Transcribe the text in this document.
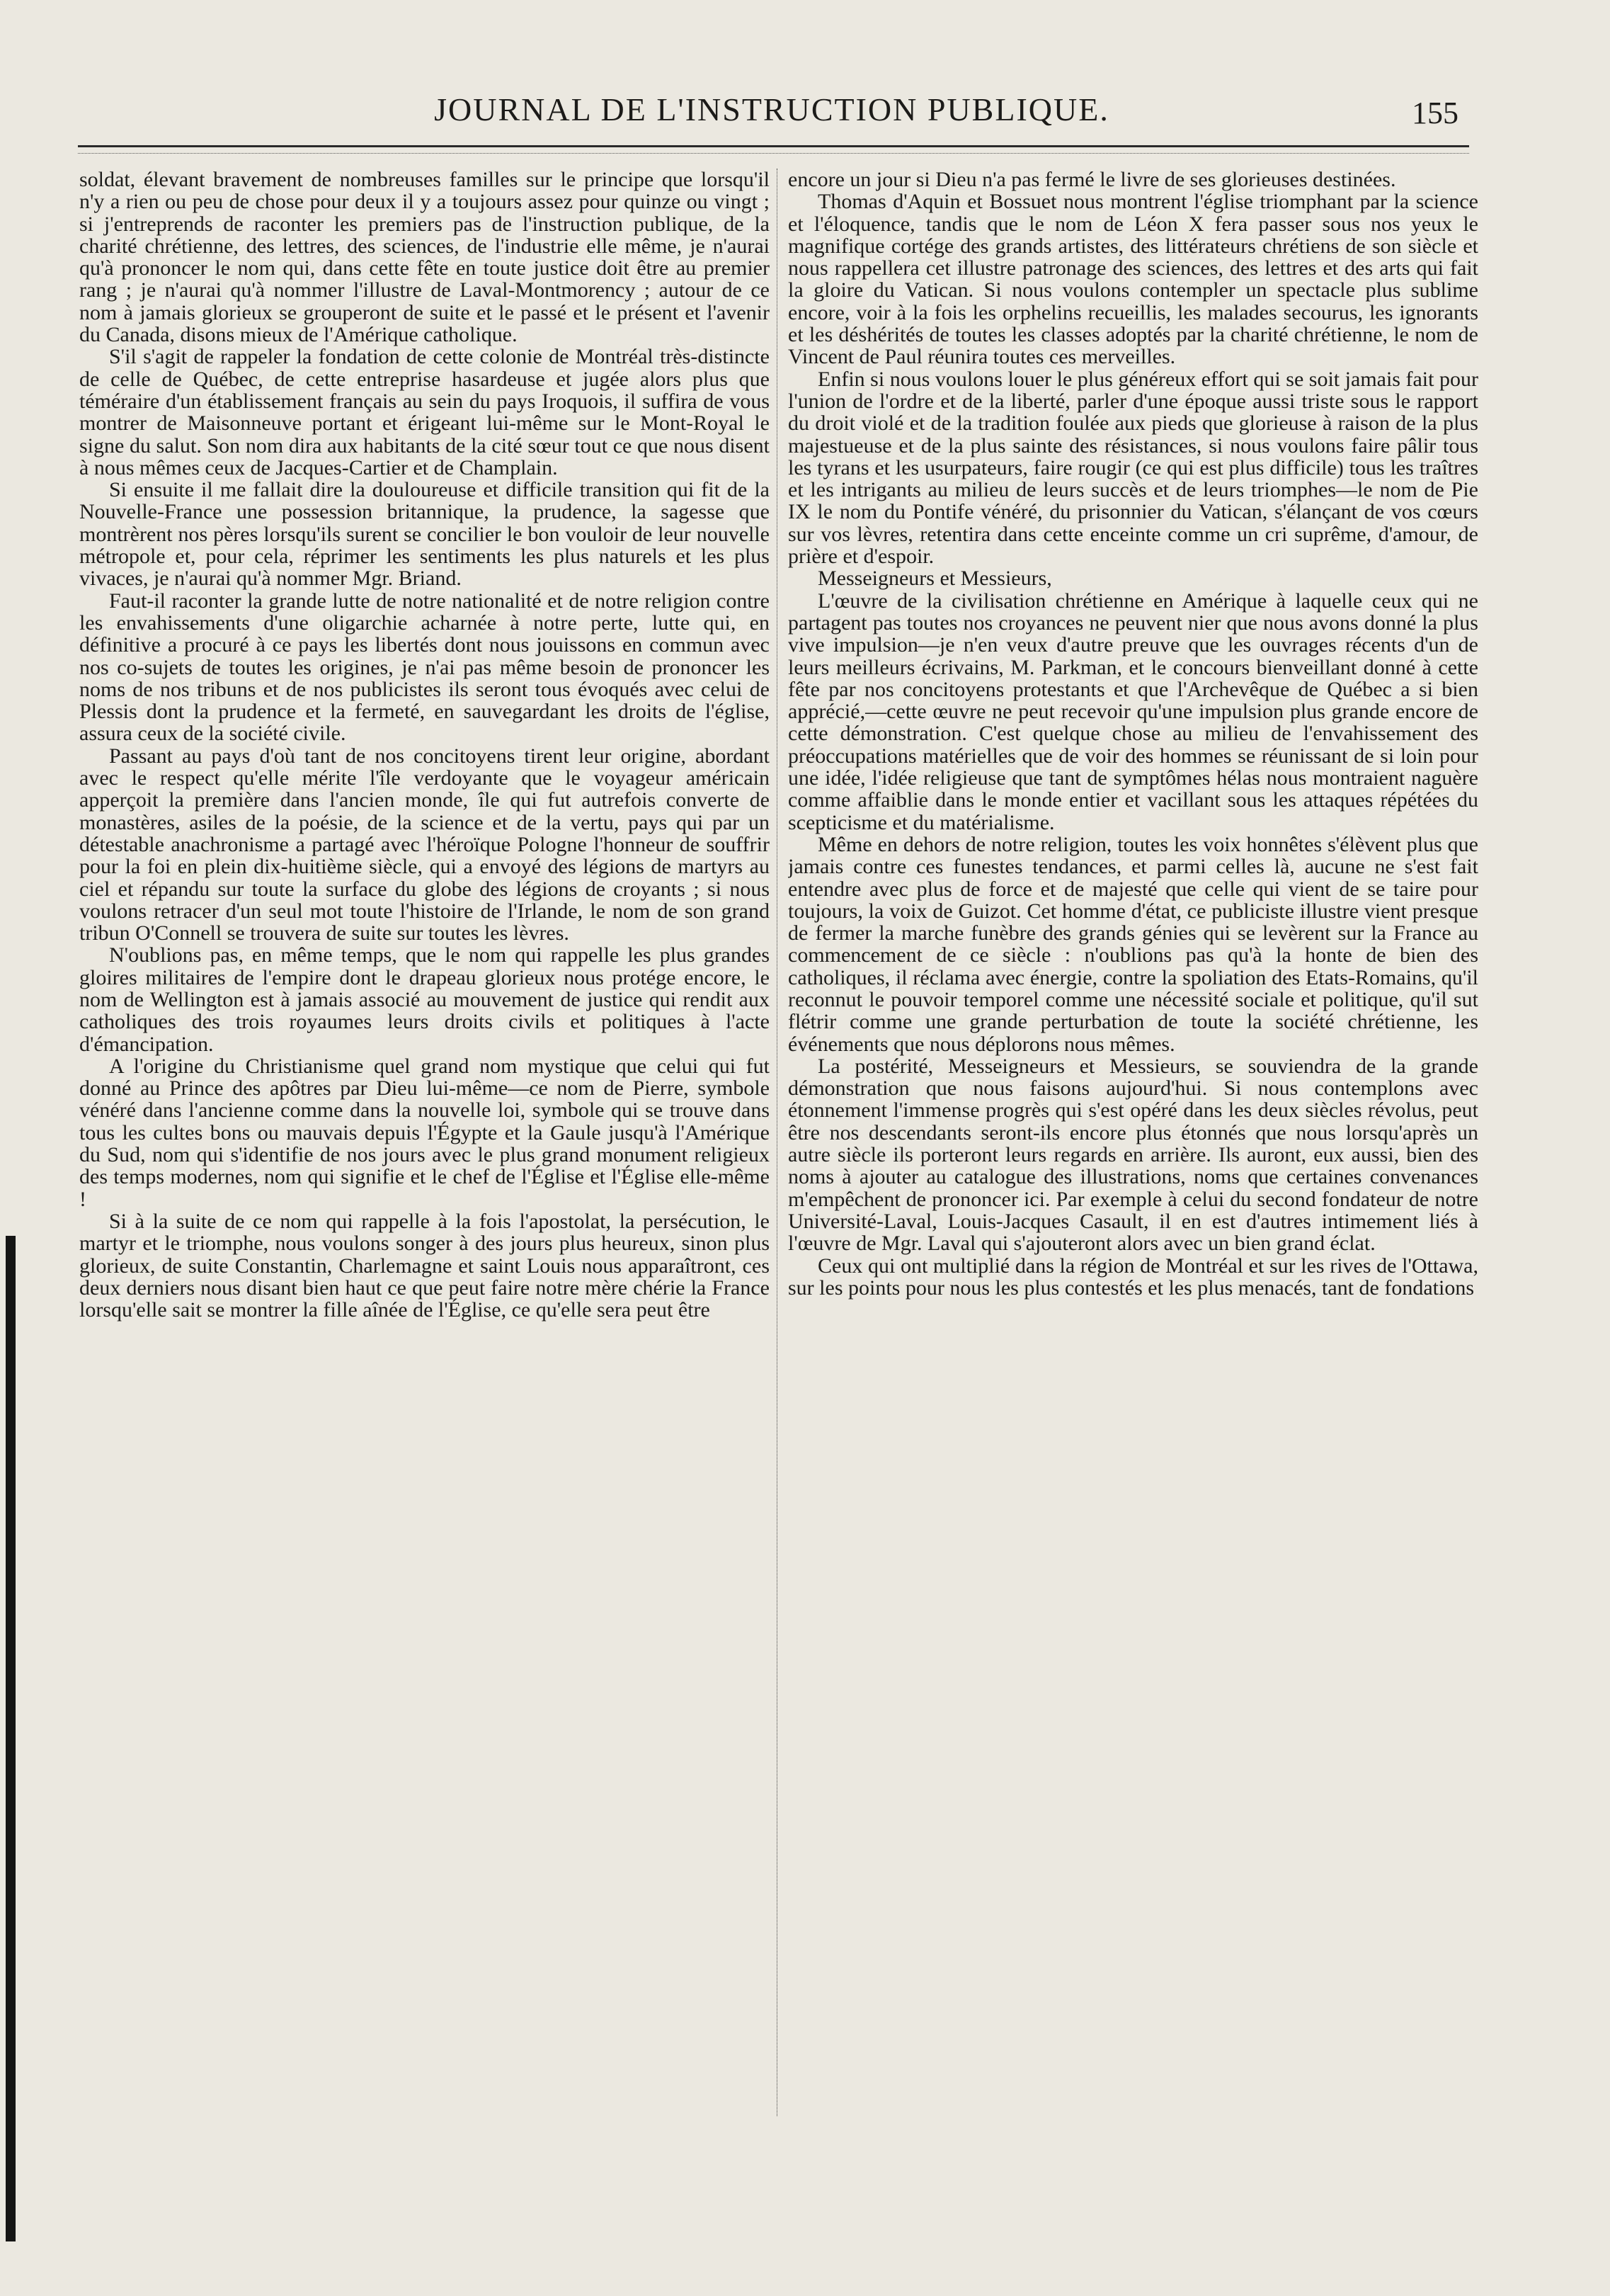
JOURNAL DE L'INSTRUCTION PUBLIQUE.	155

soldat, élevant bravement de nombreuses familles sur le principe que lorsqu'il n'y a rien ou peu de chose pour deux il y a toujours assez pour quinze ou vingt ; si j'entreprends de raconter les premiers pas de l'instruction publique, de la charité chrétienne, des lettres, des sciences, de l'industrie elle même, je n'aurai qu'à prononcer le nom qui, dans cette fête en toute justice doit être au premier rang ; je n'aurai qu'à nommer l'illustre de Laval-Montmorency ; autour de ce nom à jamais glorieux se grouperont de suite et le passé et le présent et l'avenir du Canada, disons mieux de l'Amérique catholique.

S'il s'agit de rappeler la fondation de cette colonie de Montréal très-distincte de celle de Québec, de cette entreprise hasardeuse et jugée alors plus que téméraire d'un établissement français au sein du pays Iroquois, il suffira de vous montrer de Maisonneuve portant et érigeant lui-même sur le Mont-Royal le signe du salut. Son nom dira aux habitants de la cité sœur tout ce que nous disent à nous mêmes ceux de Jacques-Cartier et de Champlain.

Si ensuite il me fallait dire la douloureuse et difficile transition qui fit de la Nouvelle-France une possession britannique, la prudence, la sagesse que montrèrent nos pères lorsqu'ils surent se concilier le bon vouloir de leur nouvelle métropole et, pour cela, réprimer les sentiments les plus naturels et les plus vivaces, je n'aurai qu'à nommer Mgr. Briand.

Faut-il raconter la grande lutte de notre nationalité et de notre religion contre les envahissements d'une oligarchie acharnée à notre perte, lutte qui, en définitive a procuré à ce pays les libertés dont nous jouissons en commun avec nos co-sujets de toutes les origines, je n'ai pas même besoin de prononcer les noms de nos tribuns et de nos publicistes ils seront tous évoqués avec celui de Plessis dont la prudence et la fermeté, en sauvegardant les droits de l'église, assura ceux de la société civile.

Passant au pays d'où tant de nos concitoyens tirent leur origine, abordant avec le respect qu'elle mérite l'île verdoyante que le voyageur américain apperçoit la première dans l'ancien monde, île qui fut autrefois converte de monastères, asiles de la poésie, de la science et de la vertu, pays qui par un détestable anachronisme a partagé avec l'héroïque Pologne l'honneur de souffrir pour la foi en plein dix-huitième siècle, qui a envoyé des légions de martyrs au ciel et répandu sur toute la surface du globe des légions de croyants ; si nous voulons retracer d'un seul mot toute l'histoire de l'Irlande, le nom de son grand tribun O'Connell se trouvera de suite sur toutes les lèvres.

N'oublions pas, en même temps, que le nom qui rappelle les plus grandes gloires militaires de l'empire dont le drapeau glorieux nous protége encore, le nom de Wellington est à jamais associé au mouvement de justice qui rendit aux catholiques des trois royaumes leurs droits civils et politiques à l'acte d'émancipation.

A l'origine du Christianisme quel grand nom mystique que celui qui fut donné au Prince des apôtres par Dieu lui-même—ce nom de Pierre, symbole vénéré dans l'ancienne comme dans la nouvelle loi, symbole qui se trouve dans tous les cultes bons ou mauvais depuis l'Égypte et la Gaule jusqu'à l'Amérique du Sud, nom qui s'identifie de nos jours avec le plus grand monument religieux des temps modernes, nom qui signifie et le chef de l'Église et l'Église elle-même !

Si à la suite de ce nom qui rappelle à la fois l'apostolat, la persécution, le martyr et le triomphe, nous voulons songer à des jours plus heureux, sinon plus glorieux, de suite Constantin, Charlemagne et saint Louis nous apparaîtront, ces deux derniers nous disant bien haut ce que peut faire notre mère chérie la France lorsqu'elle sait se montrer la fille aînée de l'Église, ce qu'elle sera peut être

encore un jour si Dieu n'a pas fermé le livre de ses glorieuses destinées.

Thomas d'Aquin et Bossuet nous montrent l'église triomphant par la science et l'éloquence, tandis que le nom de Léon X fera passer sous nos yeux le magnifique cortége des grands artistes, des littérateurs chrétiens de son siècle et nous rappellera cet illustre patronage des sciences, des lettres et des arts qui fait la gloire du Vatican. Si nous voulons contempler un spectacle plus sublime encore, voir à la fois les orphelins recueillis, les malades secourus, les ignorants et les déshérités de toutes les classes adoptés par la charité chrétienne, le nom de Vincent de Paul réunira toutes ces merveilles.

Enfin si nous voulons louer le plus généreux effort qui se soit jamais fait pour l'union de l'ordre et de la liberté, parler d'une époque aussi triste sous le rapport du droit violé et de la tradition foulée aux pieds que glorieuse à raison de la plus majestueuse et de la plus sainte des résistances, si nous voulons faire pâlir tous les tyrans et les usurpateurs, faire rougir (ce qui est plus difficile) tous les traîtres et les intrigants au milieu de leurs succès et de leurs triomphes—le nom de Pie IX le nom du Pontife vénéré, du prisonnier du Vatican, s'élançant de vos cœurs sur vos lèvres, retentira dans cette enceinte comme un cri suprême, d'amour, de prière et d'espoir.

Messeigneurs et Messieurs,

L'œuvre de la civilisation chrétienne en Amérique à laquelle ceux qui ne partagent pas toutes nos croyances ne peuvent nier que nous avons donné la plus vive impulsion—je n'en veux d'autre preuve que les ouvrages récents d'un de leurs meilleurs écrivains, M. Parkman, et le concours bienveillant donné à cette fête par nos concitoyens protestants et que l'Archevêque de Québec a si bien apprécié,—cette œuvre ne peut recevoir qu'une impulsion plus grande encore de cette démonstration. C'est quelque chose au milieu de l'envahissement des préoccupations matérielles que de voir des hommes se réunissant de si loin pour une idée, l'idée religieuse que tant de symptômes hélas nous montraient naguère comme affaiblie dans le monde entier et vacillant sous les attaques répétées du scepticisme et du matérialisme.

Même en dehors de notre religion, toutes les voix honnêtes s'élèvent plus que jamais contre ces funestes tendances, et parmi celles là, aucune ne s'est fait entendre avec plus de force et de majesté que celle qui vient de se taire pour toujours, la voix de Guizot. Cet homme d'état, ce publiciste illustre vient presque de fermer la marche funèbre des grands génies qui se levèrent sur la France au commencement de ce siècle : n'oublions pas qu'à la honte de bien des catholiques, il réclama avec énergie, contre la spoliation des Etats-Romains, qu'il reconnut le pouvoir temporel comme une nécessité sociale et politique, qu'il sut flétrir comme une grande perturbation de toute la société chrétienne, les événements que nous déplorons nous mêmes.

La postérité, Messeigneurs et Messieurs, se souviendra de la grande démonstration que nous faisons aujourd'hui. Si nous contemplons avec étonnement l'immense progrès qui s'est opéré dans les deux siècles révolus, peut être nos descendants seront-ils encore plus étonnés que nous lorsqu'après un autre siècle ils porteront leurs regards en arrière. Ils auront, eux aussi, bien des noms à ajouter au catalogue des illustrations, noms que certaines convenances m'empêchent de prononcer ici. Par exemple à celui du second fondateur de notre Université-Laval, Louis-Jacques Casault, il en est d'autres intimement liés à l'œuvre de Mgr. Laval qui s'ajouteront alors avec un bien grand éclat.

Ceux qui ont multiplié dans la région de Montréal et sur les rives de l'Ottawa, sur les points pour nous les plus contestés et les plus menacés, tant de fondations
